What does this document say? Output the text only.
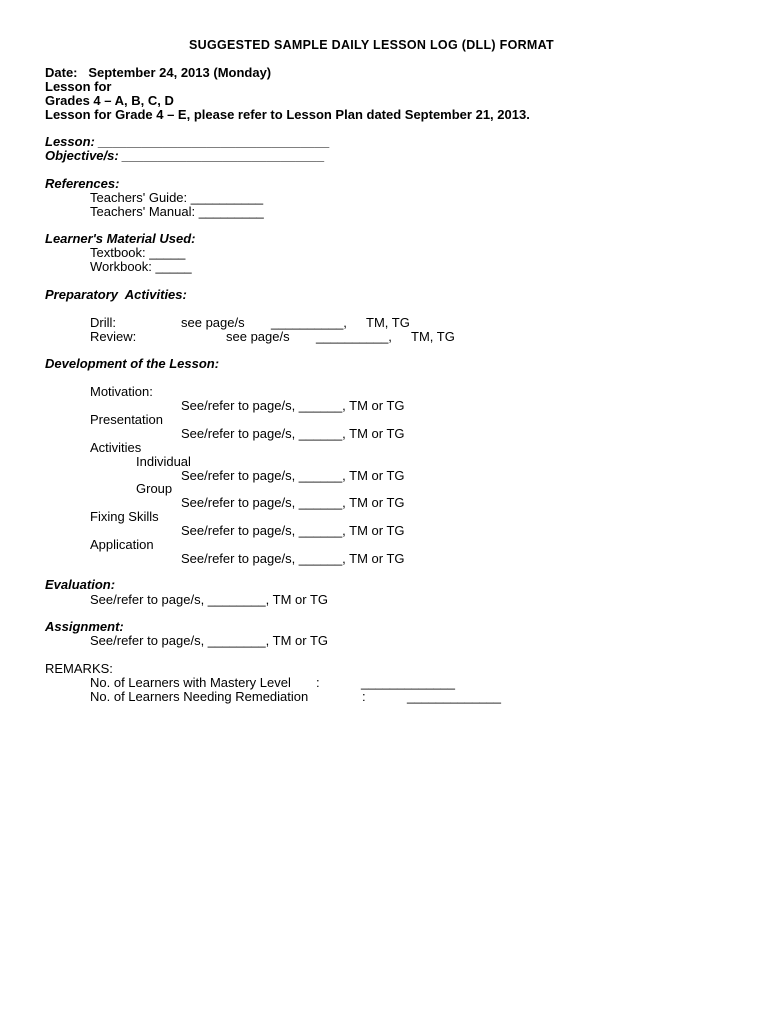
SUGGESTED SAMPLE DAILY LESSON LOG (DLL) FORMAT
Date:   September 24, 2013 (Monday)
Lesson for
Grades 4 – A, B, C, D
Lesson for Grade 4 – E, please refer to Lesson Plan dated September 21, 2013.
Lesson: ________________________________
Objective/s: ____________________________
References:
Teachers' Guide: __________
Teachers' Manual: _________
Learner's Material Used:
Textbook: _____
Workbook: _____
Preparatory  Activities:
Drill:	see page/s __________, TM, TG
Review:	see page/s __________, TM, TG
Development of the Lesson:
Motivation:
See/refer to page/s, ______, TM or TG
Presentation
See/refer to page/s, ______, TM or TG
Activities
Individual
See/refer to page/s, ______, TM or TG
Group
See/refer to page/s, ______, TM or TG
Fixing Skills
See/refer to page/s, ______, TM or TG
Application
See/refer to page/s, ______, TM or TG
Evaluation:
See/refer to page/s, ________, TM or TG
Assignment:
See/refer to page/s, ________, TM or TG
REMARKS:
No. of Learners with Mastery Level :	_____________
No. of Learners Needing Remediation	:	_____________
